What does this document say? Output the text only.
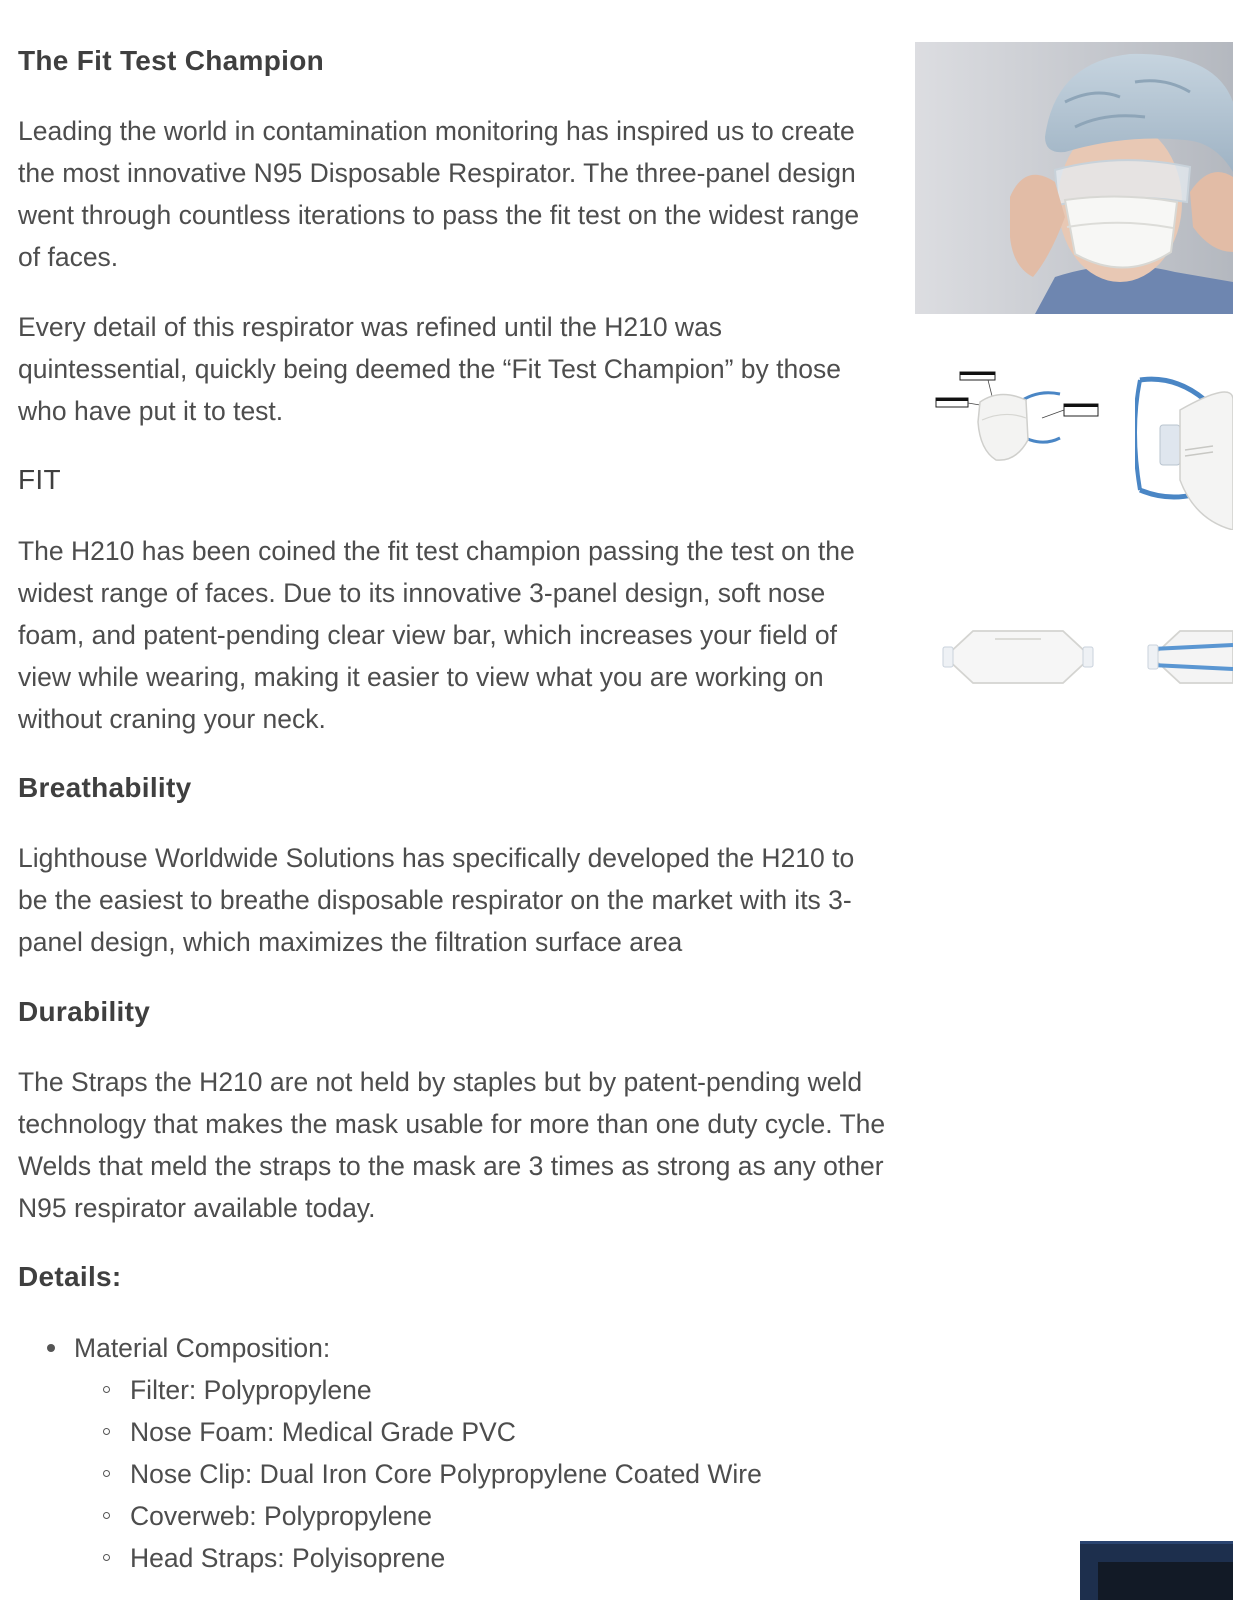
The Fit Test Champion

Leading the world in contamination monitoring has inspired us to create the most innovative N95 Disposable Respirator. The three-panel design went through countless iterations to pass the fit test on the widest range of faces.

Every detail of this respirator was refined until the H210 was quintessential, quickly being deemed the “Fit Test Champion” by those who have put it to test.

FIT

The H210 has been coined the fit test champion passing the test on the widest range of faces. Due to its innovative 3-panel design, soft nose foam, and patent-pending clear view bar, which increases your field of view while wearing, making it easier to view what you are working on without craning your neck.

Breathability

Lighthouse Worldwide Solutions has specifically developed the H210 to be the easiest to breathe disposable respirator on the market with its 3-panel design, which maximizes the filtration surface area

Durability

The Straps the H210 are not held by staples but by patent-pending weld technology that makes the mask usable for more than one duty cycle. The Welds that meld the straps to the mask are 3 times as strong as any other N95 respirator available today.

Details:
Material Composition:
Filter: Polypropylene
Nose Foam: Medical Grade PVC
Nose Clip: Dual Iron Core Polypropylene Coated Wire
Coverweb: Polypropylene
Head Straps: Polyisoprene
